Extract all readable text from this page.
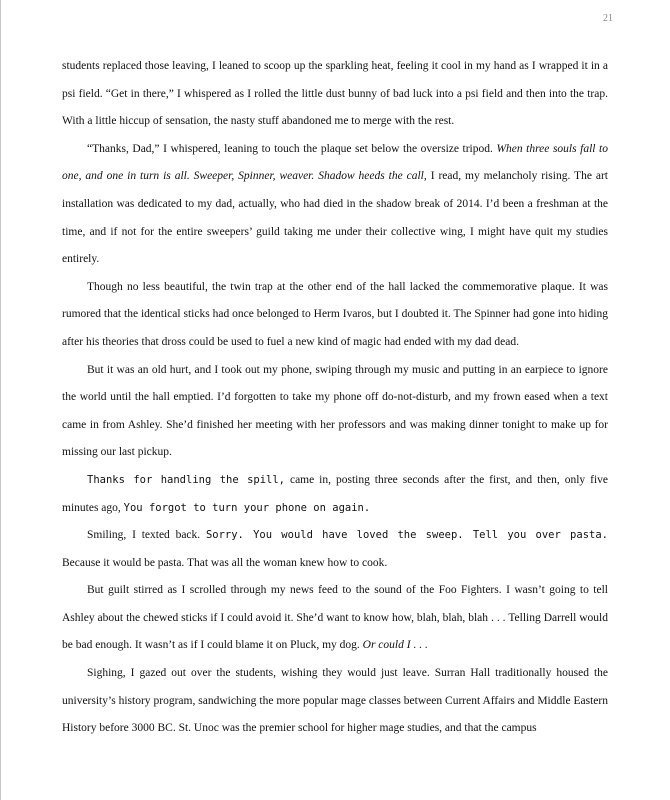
21

students replaced those leaving, I leaned to scoop up the sparkling heat, feeling it cool in my hand as I wrapped it in a psi field. “Get in there,” I whispered as I rolled the little dust bunny of bad luck into a psi field and then into the trap. With a little hiccup of sensation, the nasty stuff abandoned me to merge with the rest.

“Thanks, Dad,” I whispered, leaning to touch the plaque set below the oversize tripod. When three souls fall to one, and one in turn is all. Sweeper, Spinner, weaver. Shadow heeds the call, I read, my melancholy rising. The art installation was dedicated to my dad, actually, who had died in the shadow break of 2014. I’d been a freshman at the time, and if not for the entire sweepers’ guild taking me under their collective wing, I might have quit my studies entirely.

Though no less beautiful, the twin trap at the other end of the hall lacked the commemorative plaque. It was rumored that the identical sticks had once belonged to Herm Ivaros, but I doubted it. The Spinner had gone into hiding after his theories that dross could be used to fuel a new kind of magic had ended with my dad dead.

But it was an old hurt, and I took out my phone, swiping through my music and putting in an earpiece to ignore the world until the hall emptied. I’d forgotten to take my phone off do-not-disturb, and my frown eased when a text came in from Ashley. She’d finished her meeting with her professors and was making dinner tonight to make up for missing our last pickup.

Thanks for handling the spill, came in, posting three seconds after the first, and then, only five minutes ago, You forgot to turn your phone on again.

Smiling, I texted back. Sorry. You would have loved the sweep. Tell you over pasta. Because it would be pasta. That was all the woman knew how to cook.

But guilt stirred as I scrolled through my news feed to the sound of the Foo Fighters. I wasn’t going to tell Ashley about the chewed sticks if I could avoid it. She’d want to know how, blah, blah, blah . . . Telling Darrell would be bad enough. It wasn’t as if I could blame it on Pluck, my dog. Or could I . . .

Sighing, I gazed out over the students, wishing they would just leave. Surran Hall traditionally housed the university’s history program, sandwiching the more popular mage classes between Current Affairs and Middle Eastern History before 3000 BC. St. Unoc was the premier school for higher mage studies, and that the campus
